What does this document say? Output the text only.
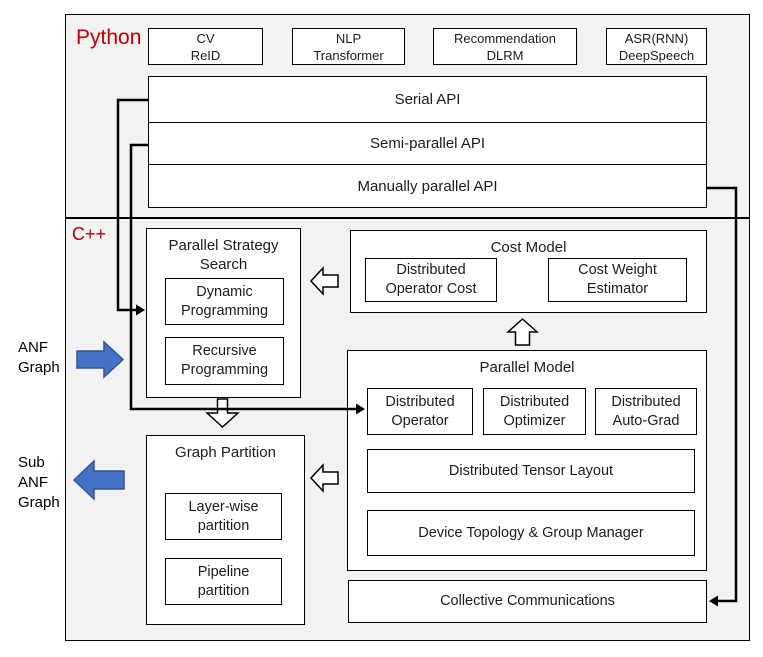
Python
C++
CV
ReID
NLP
Transformer
Recommendation
DLRM
ASR(RNN)
DeepSpeech
Serial API
Semi-parallel API
Manually parallel API
Parallel Strategy
Search
Dynamic
Programming
Recursive
Programming
Cost Model
Distributed
Operator Cost
Cost Weight
Estimator
Parallel Model
Distributed
Operator
Distributed
Optimizer
Distributed
Auto-Grad
Distributed Tensor Layout
Device Topology & Group Manager
Graph Partition
Layer-wise
partition
Pipeline
partition
Collective Communications
ANF
Graph
Sub
ANF
Graph
